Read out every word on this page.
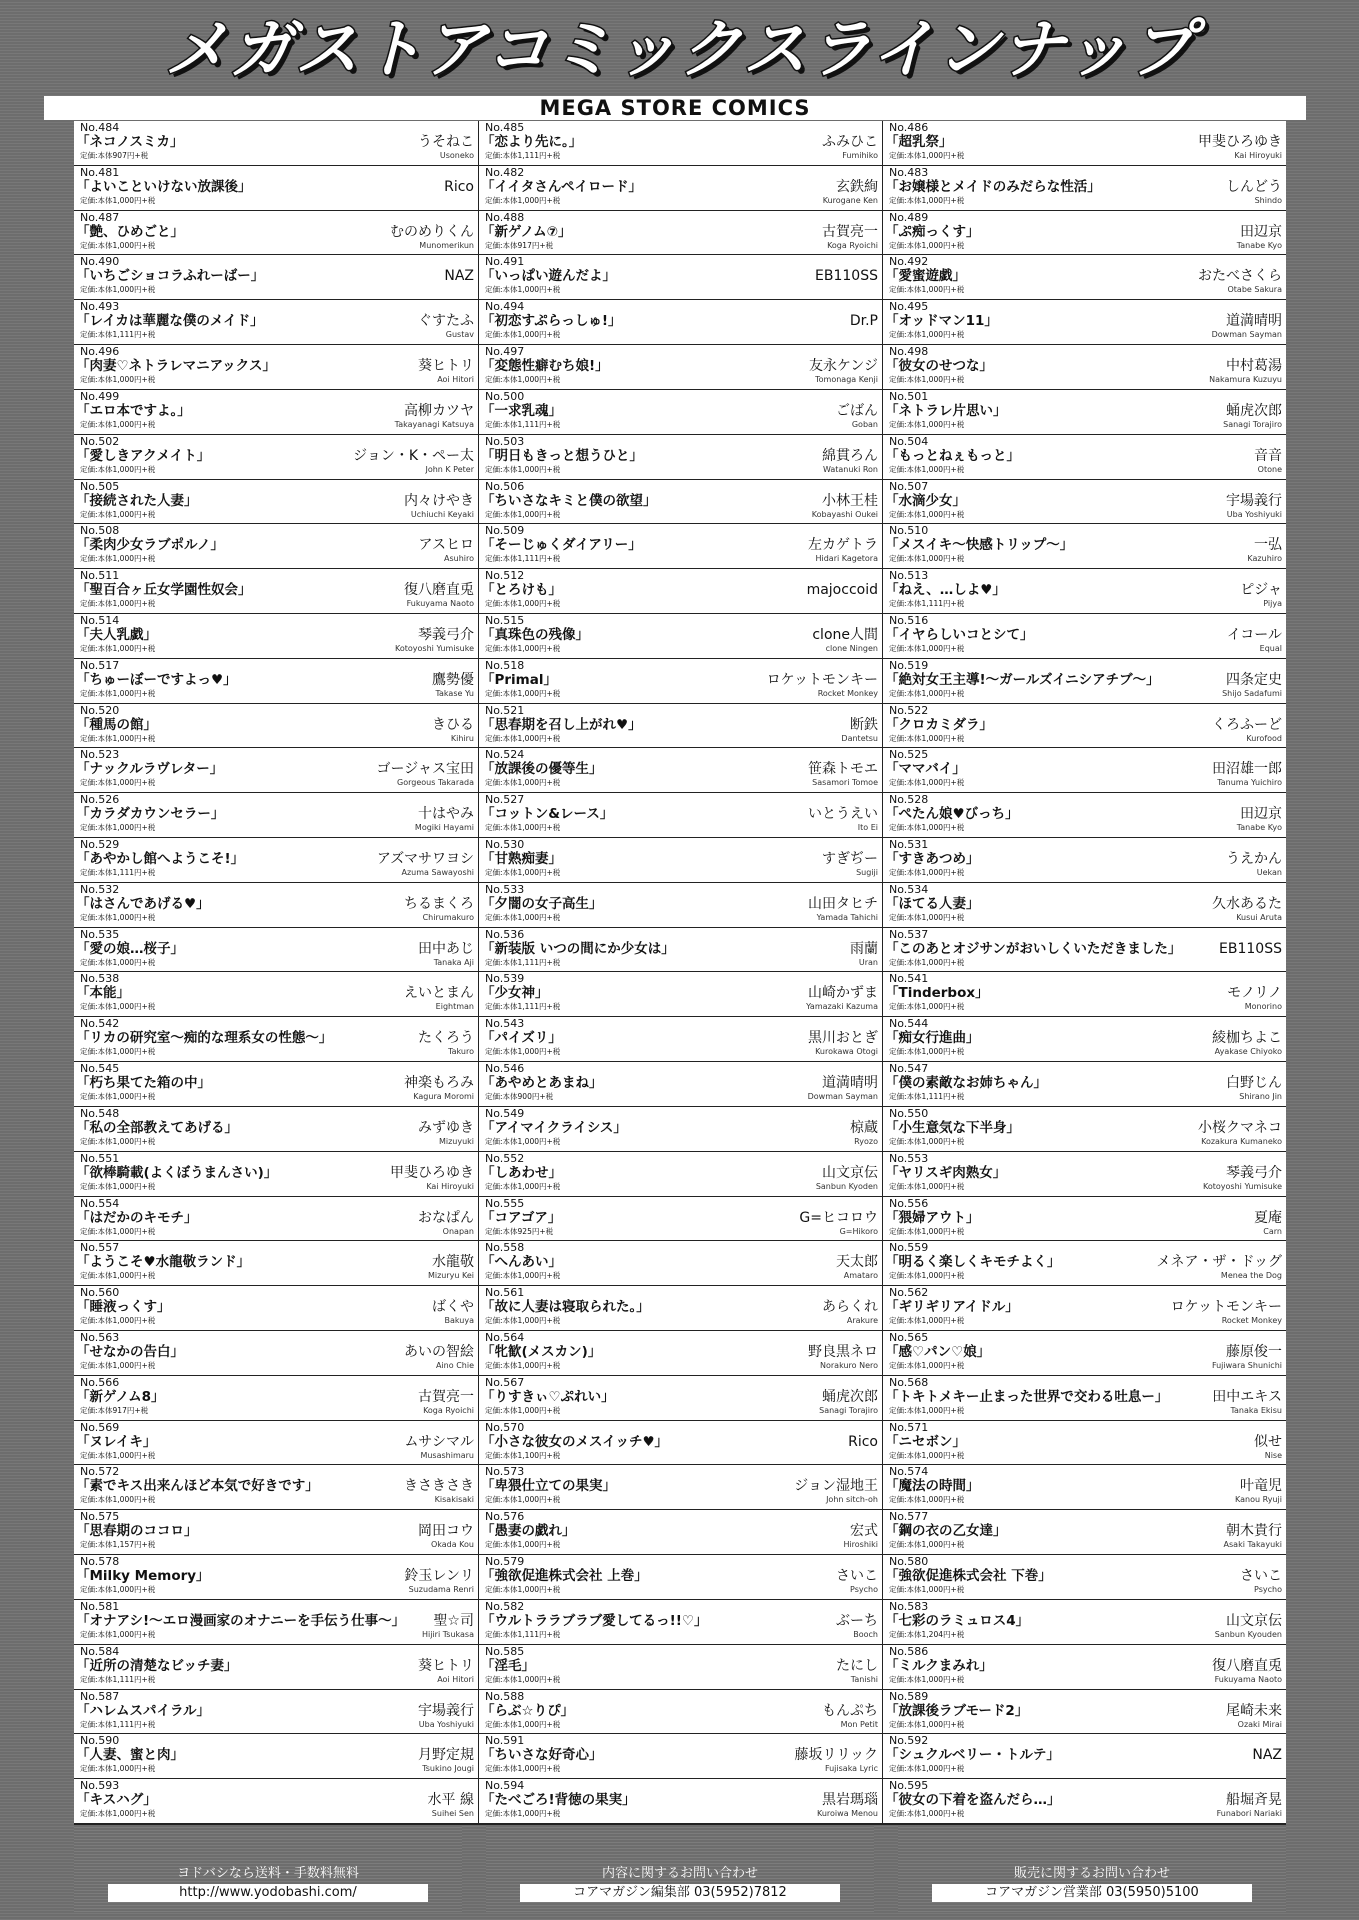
メガストアコミックスラインナップ
MEGA STORE COMICS
No.484
「ネコノスミカ」
定価:本体907円+税
うそねこ
Usoneko
No.485
「恋より先に。」
定価:本体1,111円+税
ふみひこ
Fumihiko
No.486
「超乳祭」
定価:本体1,000円+税
甲斐ひろゆき
Kai Hiroyuki
No.481
「よいこといけない放課後」
定価:本体1,000円+税
Rico
No.482
「イイタさんペイロード」
定価:本体1,000円+税
玄鉄絢
Kurogane Ken
No.483
「お嬢様とメイドのみだらな性活」
定価:本体1,000円+税
しんどう
Shindo
No.487
「艶、ひめごと」
定価:本体1,000円+税
むのめりくん
Munomerikun
No.488
「新ゲノム⑦」
定価:本体917円+税
古賀亮一
Koga Ryoichi
No.489
「ぷ痴っくす」
定価:本体1,000円+税
田辺京
Tanabe Kyo
No.490
「いちごショコラふれーばー」
定価:本体1,000円+税
NAZ
No.491
「いっぱい遊んだよ」
定価:本体1,000円+税
EB110SS
No.492
「愛蜜遊戯」
定価:本体1,000円+税
おたべさくら
Otabe Sakura
No.493
「レイカは華麗な僕のメイド」
定価:本体1,111円+税
ぐすたふ
Gustav
No.494
「初恋すぷらっしゅ!」
定価:本体1,000円+税
Dr.P
No.495
「オッドマン11」
定価:本体1,000円+税
道満晴明
Dowman Sayman
No.496
「肉妻♡ネトラレマニアックス」
定価:本体1,000円+税
葵ヒトリ
Aoi Hitori
No.497
「変態性癖むち娘!」
定価:本体1,000円+税
友永ケンジ
Tomonaga Kenji
No.498
「彼女のせつな」
定価:本体1,000円+税
中村葛湯
Nakamura Kuzuyu
No.499
「エロ本ですよ。」
定価:本体1,000円+税
高柳カツヤ
Takayanagi Katsuya
No.500
「一求乳魂」
定価:本体1,111円+税
ごばん
Goban
No.501
「ネトラレ片思い」
定価:本体1,000円+税
蛹虎次郎
Sanagi Torajiro
No.502
「愛しきアクメイト」
定価:本体1,000円+税
ジョン・K・ペー太
John K Peter
No.503
「明日もきっと想うひと」
定価:本体1,000円+税
綿貫ろん
Watanuki Ron
No.504
「もっとねぇもっと」
定価:本体1,000円+税
音音
Otone
No.505
「接続された人妻」
定価:本体1,000円+税
内々けやき
Uchiuchi Keyaki
No.506
「ちいさなキミと僕の欲望」
定価:本体1,000円+税
小林王桂
Kobayashi Oukei
No.507
「水滴少女」
定価:本体1,000円+税
宇場義行
Uba Yoshiyuki
No.508
「柔肉少女ラブポルノ」
定価:本体1,000円+税
アスヒロ
Asuhiro
No.509
「そーじゅくダイアリー」
定価:本体1,111円+税
左カゲトラ
Hidari Kagetora
No.510
「メスイキ〜快感トリップ〜」
定価:本体1,000円+税
一弘
Kazuhiro
No.511
「聖百合ヶ丘女学園性奴会」
定価:本体1,000円+税
復八磨直兎
Fukuyama Naoto
No.512
「とろけも」
定価:本体1,000円+税
majoccoid
No.513
「ねえ、…しよ♥」
定価:本体1,111円+税
ピジャ
Pijya
No.514
「夫人乳戯」
定価:本体1,000円+税
琴義弓介
Kotoyoshi Yumisuke
No.515
「真珠色の残像」
定価:本体1,000円+税
clone人間
clone Ningen
No.516
「イヤらしいコとシて」
定価:本体1,000円+税
イコール
Equal
No.517
「ちゅーぼーですよっ♥」
定価:本体1,000円+税
鷹勢優
Takase Yu
No.518
「Primal」
定価:本体1,000円+税
ロケットモンキー
Rocket Monkey
No.519
「絶対女王主導!〜ガールズイニシアチブ〜」
定価:本体1,000円+税
四条定史
Shijo Sadafumi
No.520
「種馬の館」
定価:本体1,000円+税
きひる
Kihiru
No.521
「思春期を召し上がれ♥」
定価:本体1,000円+税
断鉄
Dantetsu
No.522
「クロカミダラ」
定価:本体1,000円+税
くろふーど
Kurofood
No.523
「ナックルラヴレター」
定価:本体1,000円+税
ゴージャス宝田
Gorgeous Takarada
No.524
「放課後の優等生」
定価:本体1,000円+税
笹森トモエ
Sasamori Tomoe
No.525
「ママバイ」
定価:本体1,000円+税
田沼雄一郎
Tanuma Yuichiro
No.526
「カラダカウンセラー」
定価:本体1,000円+税
十はやみ
Mogiki Hayami
No.527
「コットン&レース」
定価:本体1,000円+税
いとうえい
Ito Ei
No.528
「ぺたん娘♥びっち」
定価:本体1,000円+税
田辺京
Tanabe Kyo
No.529
「あやかし館へようこそ!」
定価:本体1,111円+税
アズマサワヨシ
Azuma Sawayoshi
No.530
「甘熟痴妻」
定価:本体1,000円+税
すぎぢー
Sugiji
No.531
「すきあつめ」
定価:本体1,000円+税
うえかん
Uekan
No.532
「はさんであげる♥」
定価:本体1,000円+税
ちるまくろ
Chirumakuro
No.533
「夕闇の女子高生」
定価:本体1,000円+税
山田タヒチ
Yamada Tahichi
No.534
「ほてる人妻」
定価:本体1,000円+税
久水あるた
Kusui Aruta
No.535
「愛の娘…桜子」
定価:本体1,000円+税
田中あじ
Tanaka Aji
No.536
「新装版 いつの間にか少女は」
定価:本体1,111円+税
雨蘭
Uran
No.537
「このあとオジサンがおいしくいただきました」
定価:本体1,000円+税
EB110SS
No.538
「本能」
定価:本体1,000円+税
えいとまん
Eightman
No.539
「少女神」
定価:本体1,111円+税
山崎かずま
Yamazaki Kazuma
No.541
「Tinderbox」
定価:本体1,000円+税
モノリノ
Monorino
No.542
「リカの研究室〜痴的な理系女の性態〜」
定価:本体1,000円+税
たくろう
Takuro
No.543
「パイズリ」
定価:本体1,000円+税
黒川おとぎ
Kurokawa Otogi
No.544
「痴女行進曲」
定価:本体1,000円+税
綾枷ちよこ
Ayakase Chiyoko
No.545
「朽ち果てた箱の中」
定価:本体1,000円+税
神楽もろみ
Kagura Moromi
No.546
「あやめとあまね」
定価:本体900円+税
道満晴明
Dowman Sayman
No.547
「僕の素敵なお姉ちゃん」
定価:本体1,111円+税
白野じん
Shirano Jin
No.548
「私の全部教えてあげる」
定価:本体1,000円+税
みずゆき
Mizuyuki
No.549
「アイマイクライシス」
定価:本体1,000円+税
椋蔵
Ryozo
No.550
「小生意気な下半身」
定価:本体1,000円+税
小桜クマネコ
Kozakura Kumaneko
No.551
「欲棒騎載(よくぼうまんさい)」
定価:本体1,000円+税
甲斐ひろゆき
Kai Hiroyuki
No.552
「しあわせ」
定価:本体1,000円+税
山文京伝
Sanbun Kyoden
No.553
「ヤリスギ肉熟女」
定価:本体1,000円+税
琴義弓介
Kotoyoshi Yumisuke
No.554
「はだかのキモチ」
定価:本体1,000円+税
おなぱん
Onapan
No.555
「コアゴア」
定価:本体925円+税
G=ヒコロウ
G=Hikoro
No.556
「猥婦アウト」
定価:本体1,000円+税
夏庵
Carn
No.557
「ようこそ♥水龍敬ランド」
定価:本体1,000円+税
水龍敬
Mizuryu Kei
No.558
「へんあい」
定価:本体1,000円+税
天太郎
Amataro
No.559
「明るく楽しくキモチよく」
定価:本体1,000円+税
メネア・ザ・ドッグ
Menea the Dog
No.560
「睡液っくす」
定価:本体1,000円+税
ばくや
Bakuya
No.561
「故に人妻は寝取られた。」
定価:本体1,000円+税
あらくれ
Arakure
No.562
「ギリギリアイドル」
定価:本体1,000円+税
ロケットモンキー
Rocket Monkey
No.563
「せなかの告白」
定価:本体1,000円+税
あいの智絵
Aino Chie
No.564
「牝歓(メスカン)」
定価:本体1,000円+税
野良黒ネロ
Norakuro Nero
No.565
「感♡パン♡娘」
定価:本体1,000円+税
藤原俊一
Fujiwara Shunichi
No.566
「新ゲノム8」
定価:本体917円+税
古賀亮一
Koga Ryoichi
No.567
「りすきぃ♡ぷれい」
定価:本体1,000円+税
蛹虎次郎
Sanagi Torajiro
No.568
「トキトメキー止まった世界で交わる吐息ー」
定価:本体1,000円+税
田中エキス
Tanaka Ekisu
No.569
「ヌレイキ」
定価:本体1,000円+税
ムサシマル
Musashimaru
No.570
「小さな彼女のメスイッチ♥」
定価:本体1,100円+税
Rico
No.571
「ニセボン」
定価:本体1,000円+税
似せ
Nise
No.572
「素でキス出来んほど本気で好きです」
定価:本体1,000円+税
きさきさき
Kisakisaki
No.573
「卑猥仕立ての果実」
定価:本体1,000円+税
ジョン湿地王
John sitch-oh
No.574
「魔法の時間」
定価:本体1,000円+税
叶竜児
Kanou Ryuji
No.575
「思春期のココロ」
定価:本体1,157円+税
岡田コウ
Okada Kou
No.576
「愚妻の戯れ」
定価:本体1,000円+税
宏式
Hiroshiki
No.577
「鋼の衣の乙女達」
定価:本体1,000円+税
朝木貴行
Asaki Takayuki
No.578
「Milky Memory」
定価:本体1,000円+税
鈴玉レンリ
Suzudama Renri
No.579
「強欲促進株式会社 上巻」
定価:本体1,000円+税
さいこ
Psycho
No.580
「強欲促進株式会社 下巻」
定価:本体1,000円+税
さいこ
Psycho
No.581
「オナアシ!〜エロ漫画家のオナニーを手伝う仕事〜」
定価:本体1,000円+税
聖☆司
Hijiri Tsukasa
No.582
「ウルトララブラブ愛してるっ!!♡」
定価:本体1,111円+税
ぶーち
Booch
No.583
「七彩のラミュロス4」
定価:本体1,204円+税
山文京伝
Sanbun Kyouden
No.584
「近所の清楚なビッチ妻」
定価:本体1,111円+税
葵ヒトリ
Aoi Hitori
No.585
「淫毛」
定価:本体1,000円+税
たにし
Tanishi
No.586
「ミルクまみれ」
定価:本体1,000円+税
復八磨直兎
Fukuyama Naoto
No.587
「ハレムスパイラル」
定価:本体1,111円+税
宇場義行
Uba Yoshiyuki
No.588
「らぶ☆りぴ」
定価:本体1,000円+税
もんぷち
Mon Petit
No.589
「放課後ラブモード2」
定価:本体1,000円+税
尾崎未来
Ozaki Mirai
No.590
「人妻、蜜と肉」
定価:本体1,000円+税
月野定規
Tsukino Jougi
No.591
「ちいさな好奇心」
定価:本体1,000円+税
藤坂リリック
Fujisaka Lyric
No.592
「シュクルベリー・トルテ」
定価:本体1,000円+税
NAZ
No.593
「キスハグ」
定価:本体1,000円+税
水平 線
Suihei Sen
No.594
「たべごろ!背徳の果実」
定価:本体1,000円+税
黒岩瑪瑙
Kuroiwa Menou
No.595
「彼女の下着を盗んだら…」
定価:本体1,000円+税
船堀斉晃
Funabori Nariaki
ヨドバシなら送料・手数料無料
http://www.yodobashi.com/
内容に関するお問い合わせ
コアマガジン編集部 03(5952)7812
販売に関するお問い合わせ
コアマガジン営業部 03(5950)5100
